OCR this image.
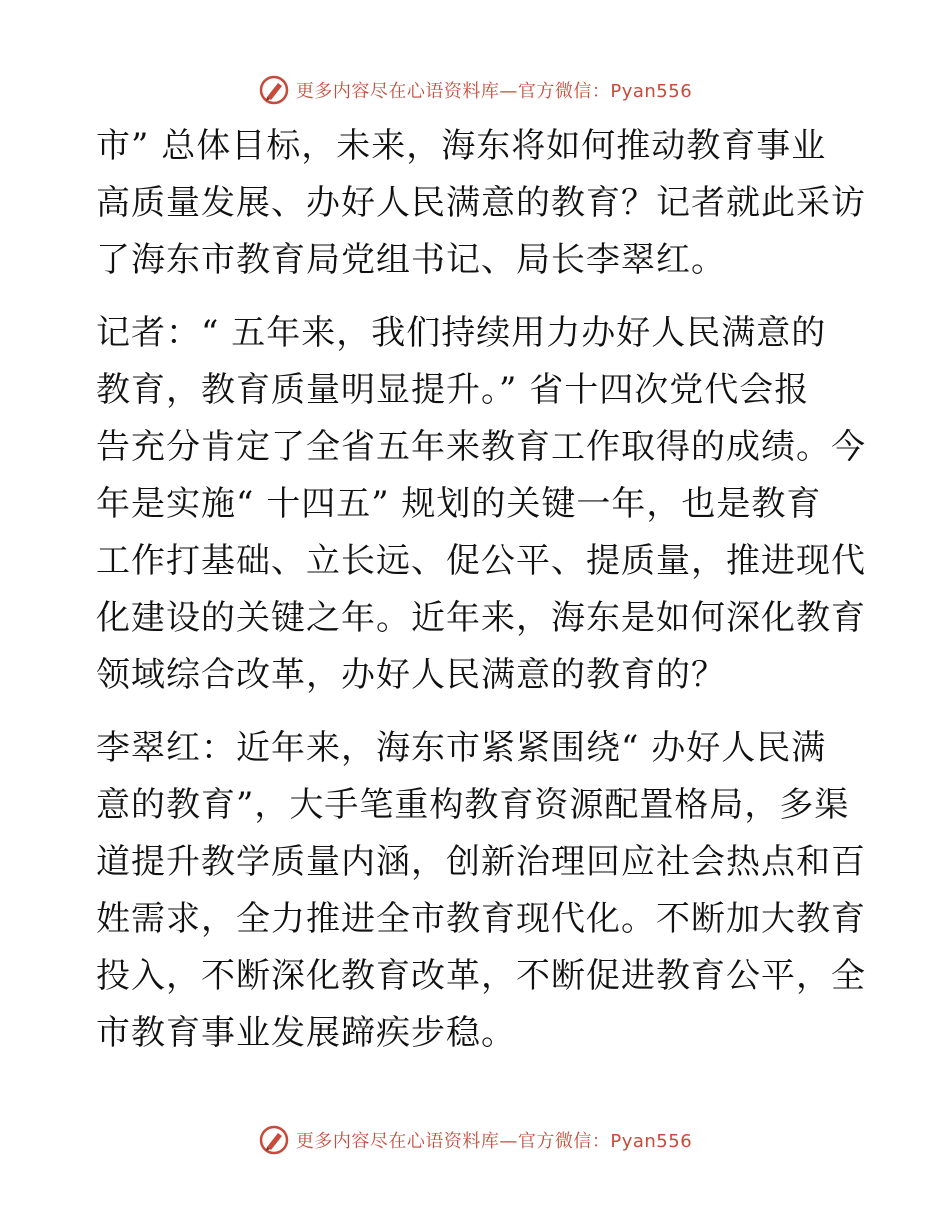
更多内容尽在心语资料库 —官方微信：Pyan556

市” 总体目标，未来，海东将如何推动教育事业
高质量发展、办好人民满意的教育？记者就此采访
了海东市教育局党组书记、局长李翠红。

记者：“ 五年来，我们持续用力办好人民满意的
教育，教育质量明显提升。” 省十四次党代会报
告充分肯定了全省五年来教育工作取得的成绩。今
年是实施“ 十四五” 规划的关键一年，也是教育
工作打基础、立长远、促公平、提质量，推进现代
化建设的关键之年。近年来，海东是如何深化教育
领域综合改革，办好人民满意的教育的？

李翠红：近年来，海东市紧紧围绕“ 办好人民满
意的教育”，大手笔重构教育资源配置格局，多渠
道提升教学质量内涵，创新治理回应社会热点和百
姓需求，全力推进全市教育现代化。不断加大教育
投入，不断深化教育改革，不断促进教育公平，全
市教育事业发展蹄疾步稳。

更多内容尽在心语资料库 —官方微信：Pyan556
